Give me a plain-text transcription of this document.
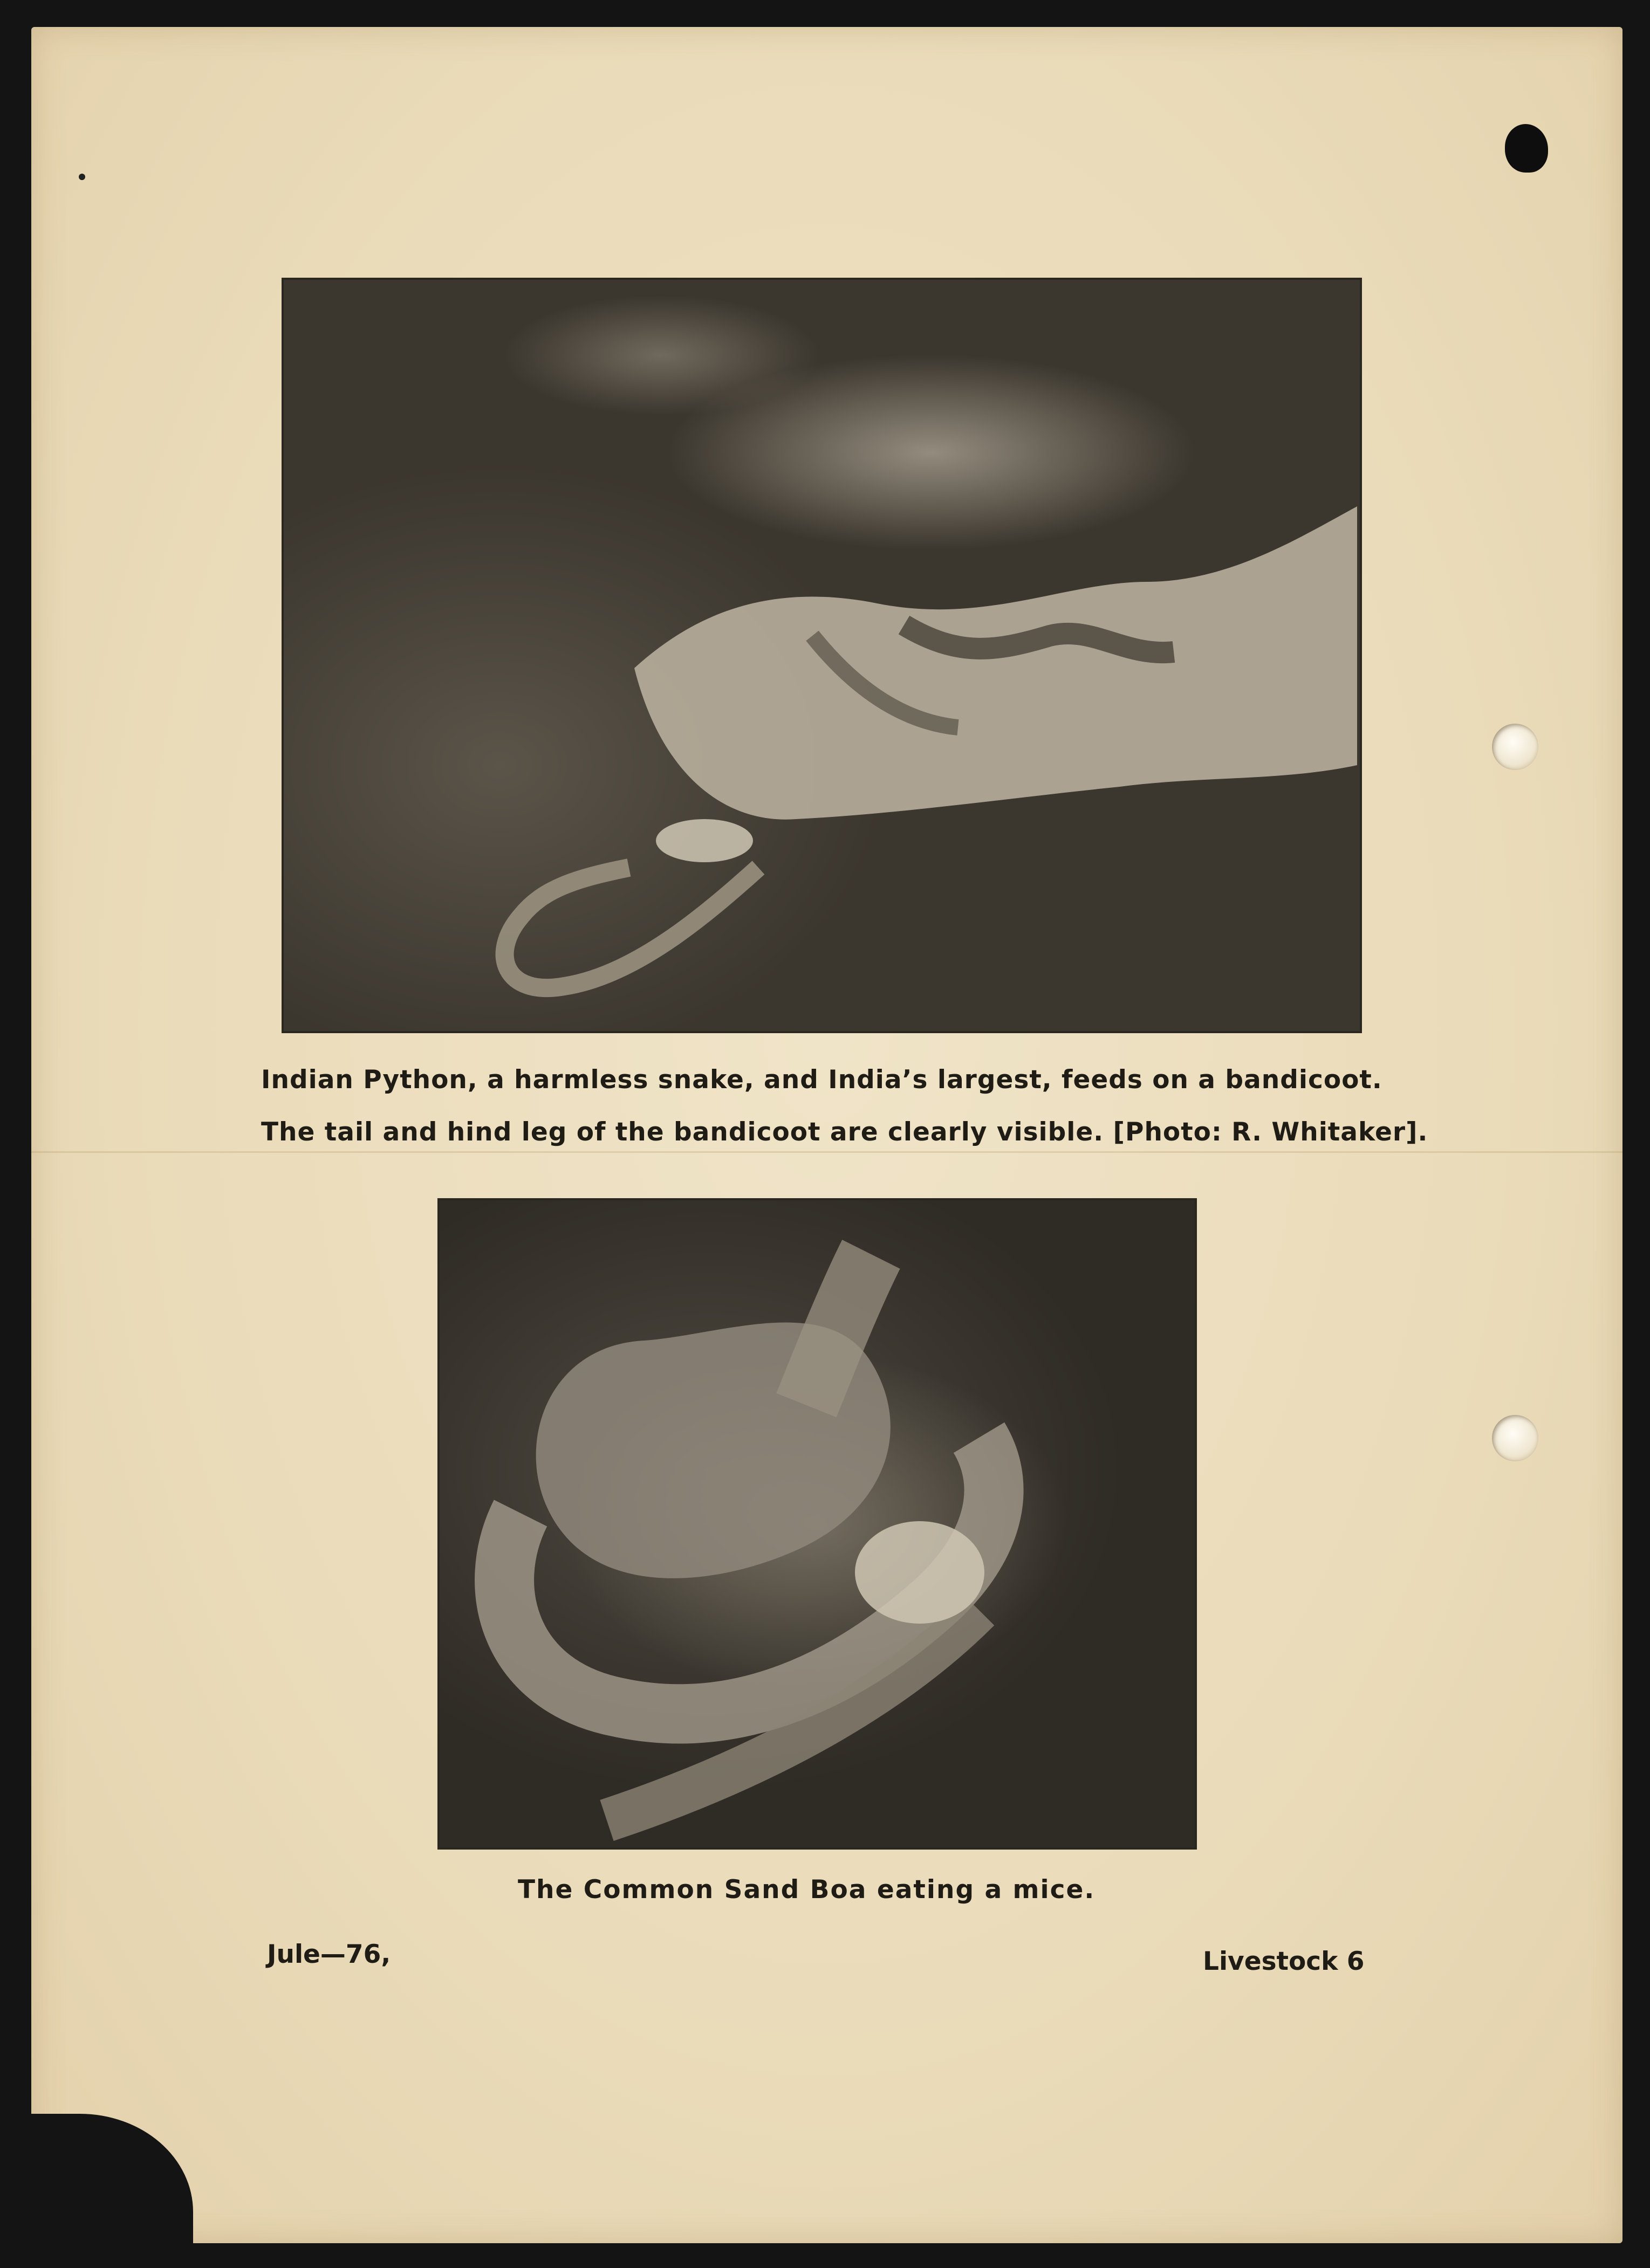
Indian Python, a harmless snake, and India’s largest, feeds on a bandicoot.
The tail and hind leg of the bandicoot are clearly visible. [Photo: R. Whitaker].
The Common Sand Boa eating a mice.
Jule—76,	Livestock 6
